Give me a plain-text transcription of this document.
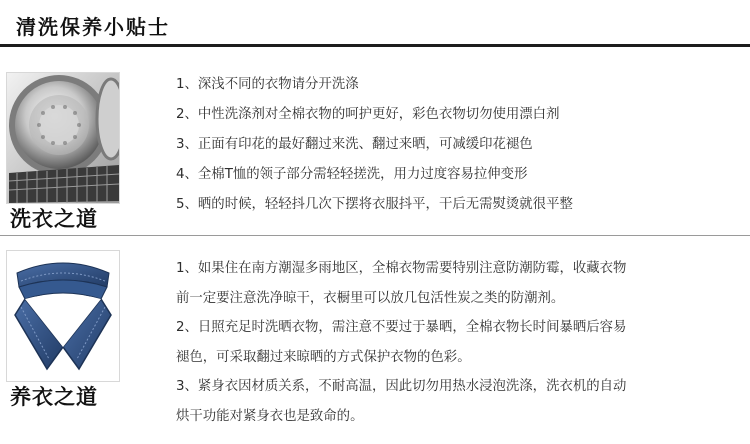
清洗保养小贴士
洗衣之道
1、深浅不同的衣物请分开洗涤
2、中性洗涤剂对全棉衣物的呵护更好，彩色衣物切勿使用漂白剂
3、正面有印花的最好翻过来洗、翻过来晒，可减缓印花褪色
4、全棉T恤的领子部分需轻轻搓洗，用力过度容易拉伸变形
5、晒的时候，轻轻抖几次下摆将衣服抖平，干后无需熨烫就很平整
养衣之道
1、如果住在南方潮湿多雨地区，全棉衣物需要特别注意防潮防霉，收藏衣物
前一定要注意洗净晾干，衣橱里可以放几包活性炭之类的防潮剂。
2、日照充足时洗晒衣物，需注意不要过于暴晒，全棉衣物长时间暴晒后容易
褪色，可采取翻过来晾晒的方式保护衣物的色彩。
3、紧身衣因材质关系，不耐高温，因此切勿用热水浸泡洗涤，洗衣机的自动
烘干功能对紧身衣也是致命的。
